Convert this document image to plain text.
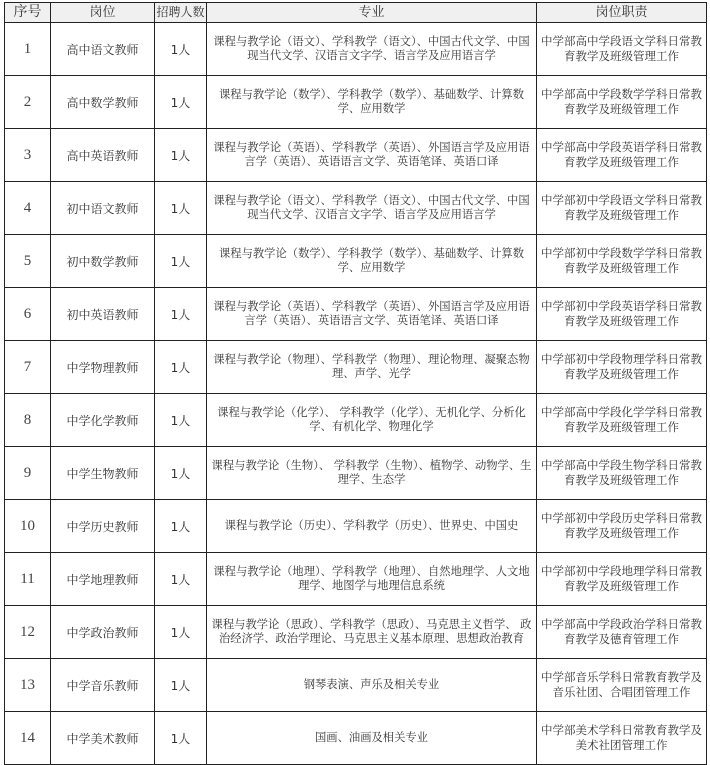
序号	岗位	招聘人数	专业	岗位职责
1	高中语文教师	1人	课程与教学论（语文）、学科教学（语文）、中国古代文学、中国现当代文学、汉语言文字学、语言学及应用语言学	中学部高中学段语文学科日常教育教学及班级管理工作
2	高中数学教师	1人	课程与教学论（数学）、学科教学（数学）、基础数学、计算数学、应用数学	中学部高中学段数学学科日常教育教学及班级管理工作
3	高中英语教师	1人	课程与教学论（英语）、学科教学（英语）、外国语言学及应用语言学（英语）、英语语言文学、英语笔译、英语口译	中学部高中学段英语学科日常教育教学及班级管理工作
4	初中语文教师	1人	课程与教学论（语文）、学科教学（语文）、中国古代文学、中国现当代文学、汉语言文字学、语言学及应用语言学	中学部初中学段语文学科日常教育教学及班级管理工作
5	初中数学教师	1人	课程与教学论（数学）、学科教学（数学）、基础数学、计算数学、应用数学	中学部初中学段数学学科日常教育教学及班级管理工作
6	初中英语教师	1人	课程与教学论（英语）、学科教学（英语）、外国语言学及应用语言学（英语）、英语语言文学、英语笔译、英语口译	中学部初中学段英语学科日常教育教学及班级管理工作
7	中学物理教师	1人	课程与教学论（物理）、学科教学（物理）、理论物理、凝聚态物理、声学、光学	中学部初中学段物理学科日常教育教学及班级管理工作
8	中学化学教师	1人	课程与教学论（化学）、 学科教学（化学）、无机化学、分析化学、有机化学、物理化学	中学部高中学段化学学科日常教育教学及班级管理工作
9	中学生物教师	1人	课程与教学论（生物）、 学科教学（生物）、植物学、动物学、生理学、生态学	中学部高中学段生物学科日常教育教学及班级管理工作
10	中学历史教师	1人	课程与教学论（历史）、学科教学（历史）、世界史、中国史	中学部初中学段历史学科日常教育教学及班级管理工作
11	中学地理教师	1人	课程与教学论（地理）、学科教学（地理）、自然地理学、人文地理学、地图学与地理信息系统	中学部初中学段地理学科日常教育教学及班级管理工作
12	中学政治教师	1人	课程与教学论（思政）、学科教学（思政）、马克思主义哲学、 政治经济学、政治学理论、马克思主义基本原理、思想政治教育	中学部高中学段政治学科日常教育教学及德育管理工作
13	中学音乐教师	1人	钢琴表演、声乐及相关专业	中学部音乐学科日常教育教学及音乐社团、合唱团管理工作
14	中学美术教师	1人	国画、油画及相关专业	中学部美术学科日常教育教学及美术社团管理工作
